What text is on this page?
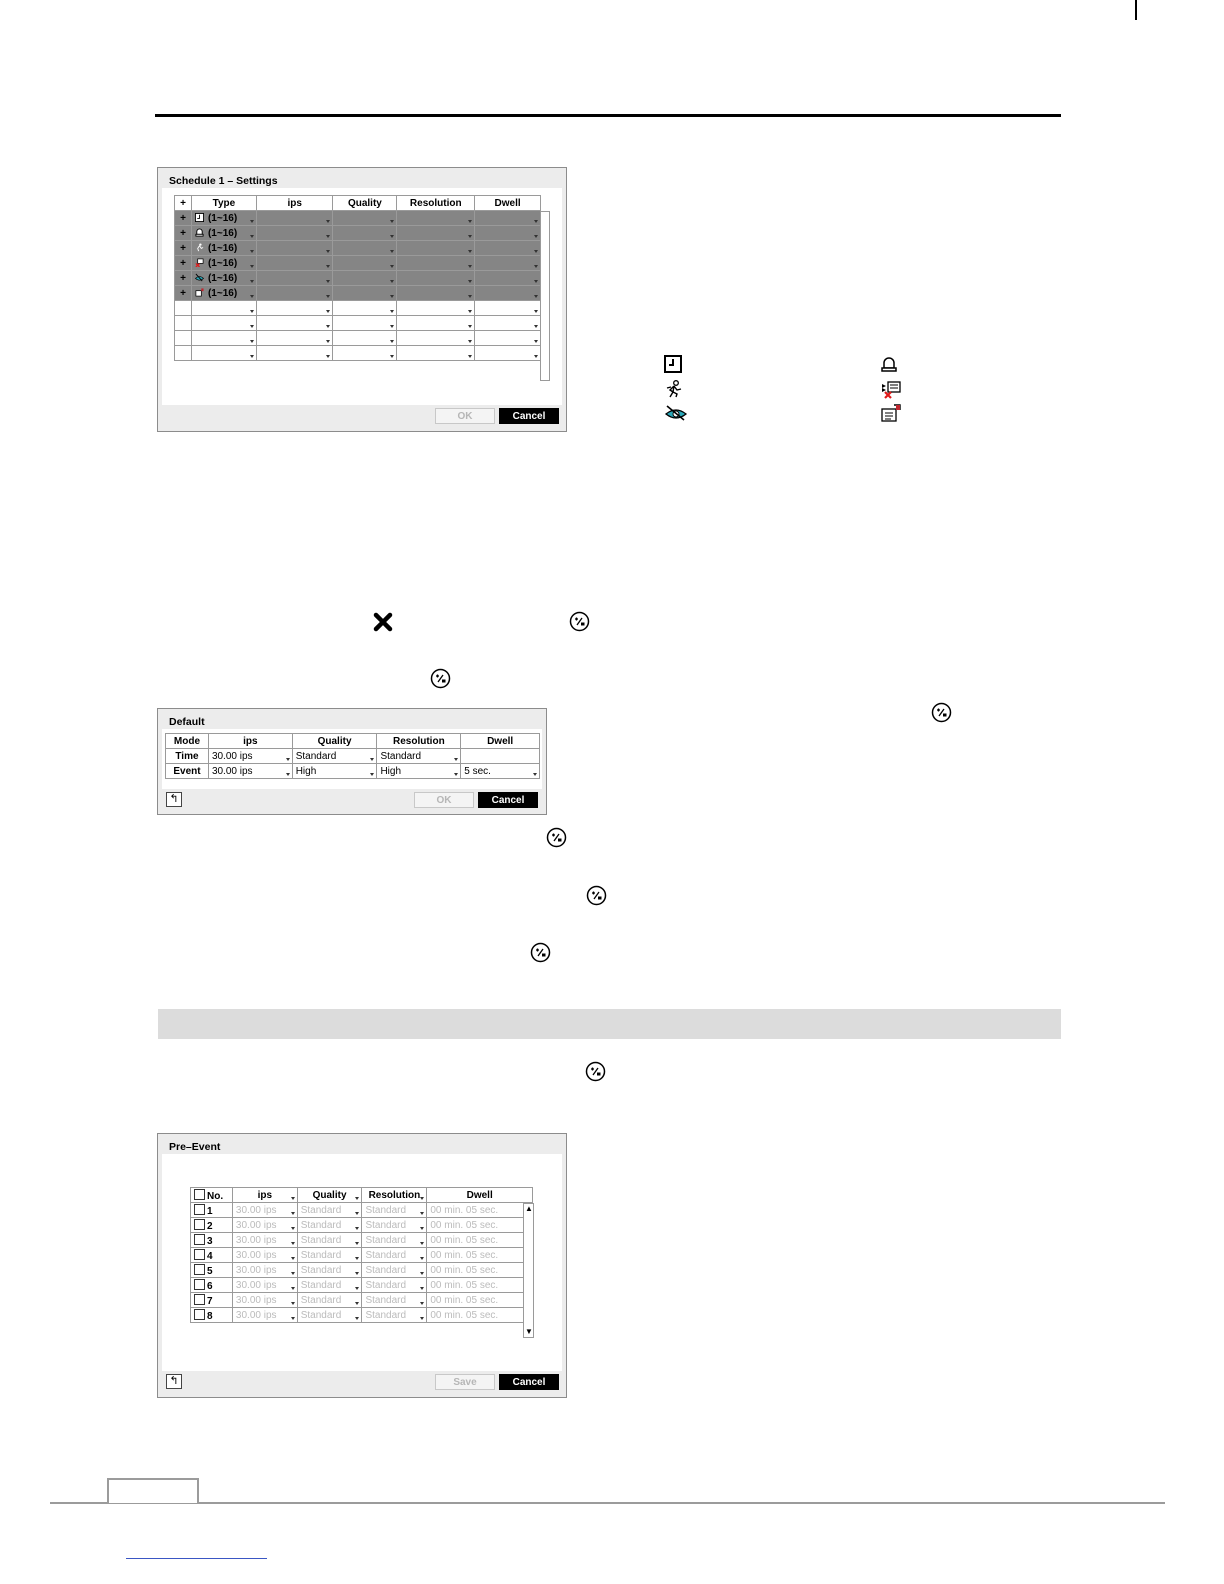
Schedule 1 – Settings
+	Type	ips	Quality	Resolution	Dwell
+	(1~16)				
+	(1~16)				
+	(1~16)				
+	(1~16)				
+	(1~16)				
+	(1~16)				

OK	Cancel
Default
Mode	ips	Quality	Resolution	Dwell
Time	30.00 ips	Standard	Standard	
Event	30.00 ips	High	High	5 sec.
↰	OK	Cancel
Pre–Event
No.	ips	Quality	Resolution	Dwell
1	30.00 ips	Standard	Standard	00 min. 05 sec.
2	30.00 ips	Standard	Standard	00 min. 05 sec.
3	30.00 ips	Standard	Standard	00 min. 05 sec.
4	30.00 ips	Standard	Standard	00 min. 05 sec.
5	30.00 ips	Standard	Standard	00 min. 05 sec.
6	30.00 ips	Standard	Standard	00 min. 05 sec.
7	30.00 ips	Standard	Standard	00 min. 05 sec.
8	30.00 ips	Standard	Standard	00 min. 05 sec.
▲
▼
↰	Save	Cancel
